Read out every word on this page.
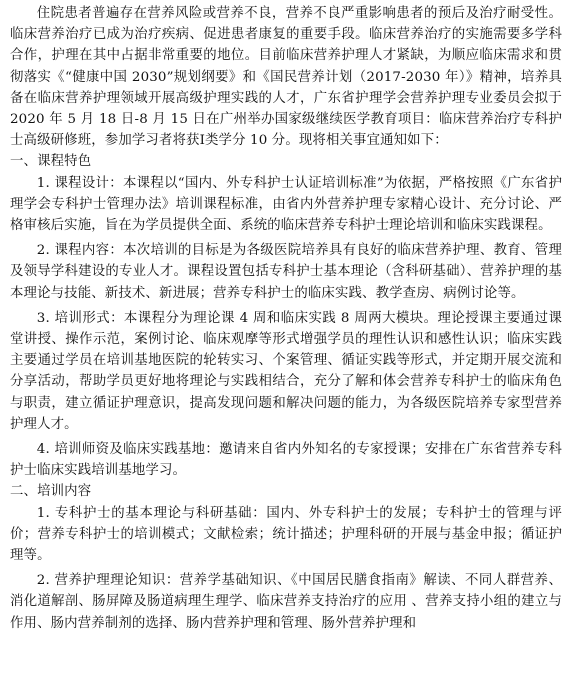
住院患者普遍存在营养风险或营养不良，营养不良严重影响患者的预后及治疗耐受性。临床营养治疗已成为治疗疾病、促进患者康复的重要手段。临床营养治疗的实施需要多学科合作，护理在其中占据非常重要的地位。目前临床营养护理人才紧缺，为顺应临床需求和贯彻落实《“健康中国 2030”规划纲要》和《国民营养计划（2017-2030 年）》精神，培养具备在临床营养护理领域开展高级护理实践的人才，广东省护理学会营养护理专业委员会拟于 2020 年 5 月 18 日-8 月 15 日在广州举办国家级继续医学教育项目：临床营养治疗专科护士高级研修班，参加学习者将获Ⅰ类学分 10 分。现将相关事宜通知如下：

一、课程特色

1. 课程设计：本课程以“国内、外专科护士认证培训标准”为依据，严格按照《广东省护理学会专科护士管理办法》培训课程标准，由省内外营养护理专家精心设计、充分讨论、严格审核后实施，旨在为学员提供全面、系统的临床营养专科护士理论培训和临床实践课程。

2. 课程内容：本次培训的目标是为各级医院培养具有良好的临床营养护理、教育、管理及领导学科建设的专业人才。课程设置包括专科护士基本理论（含科研基础）、营养护理的基本理论与技能、新技术、新进展；营养专科护士的临床实践、教学查房、病例讨论等。

3. 培训形式：本课程分为理论课 4 周和临床实践 8 周两大模块。理论授课主要通过课堂讲授、操作示范，案例讨论、临床观摩等形式增强学员的理性认识和感性认识；临床实践主要通过学员在培训基地医院的轮转实习、个案管理、循证实践等形式，并定期开展交流和分享活动，帮助学员更好地将理论与实践相结合，充分了解和体会营养专科护士的临床角色与职责，建立循证护理意识，提高发现问题和解决问题的能力，为各级医院培养专家型营养护理人才。

4. 培训师资及临床实践基地：邀请来自省内外知名的专家授课；安排在广东省营养专科护士临床实践培训基地学习。

二、培训内容

1. 专科护士的基本理论与科研基础：国内、外专科护士的发展；专科护士的管理与评价；营养专科护士的培训模式；文献检索；统计描述；护理科研的开展与基金申报；循证护理等。

2. 营养护理理论知识：营养学基础知识、《中国居民膳食指南》解读、不同人群营养、消化道解剖、肠屏障及肠道病理生理学、临床营养支持治疗的应用 、营养支持小组的建立与作用、肠内营养制剂的选择、肠内营养护理和管理、肠外营养护理和
